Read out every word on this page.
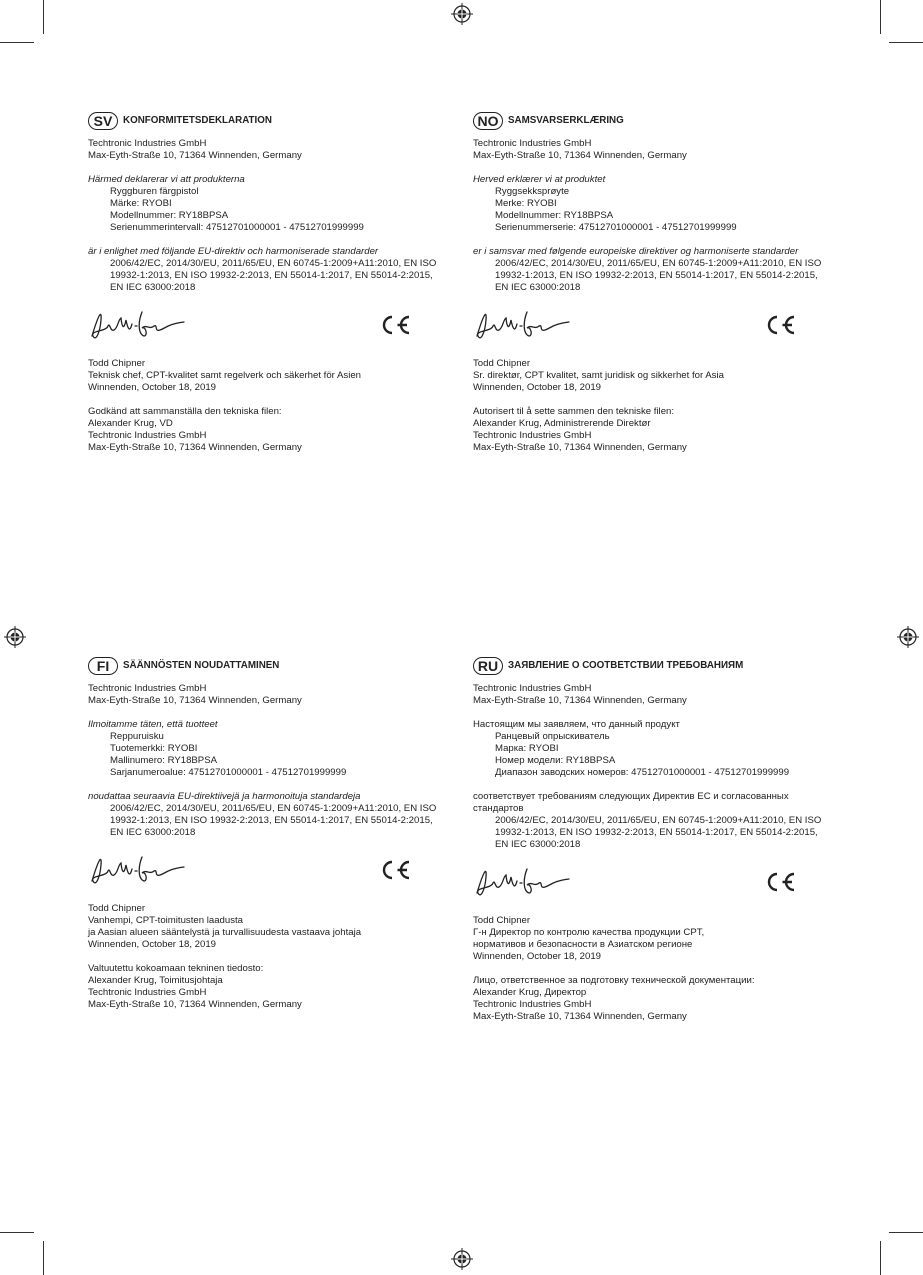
SV	KONFORMITETSDEKLARATION

Techtronic Industries GmbH

Max-Eyth-Straße 10, 71364 Winnenden, Germany

Härmed deklarerar vi att produkterna

Ryggburen färgpistol

Märke: RYOBI

Modellnummer: RY18BPSA

Serienummerintervall: 47512701000001 - 47512701999999

är i enlighet med följande EU-direktiv och harmoniserade standarder

2006/42/EC, 2014/30/EU, 2011/65/EU, EN 60745-1:2009+A11:2010, EN ISO

19932-1:2013, EN ISO 19932-2:2013, EN 55014-1:2017, EN 55014-2:2015,

EN IEC 63000:2018

Todd Chipner

Teknisk chef, CPT-kvalitet samt regelverk och säkerhet för Asien

Winnenden, October 18, 2019

Godkänd att sammanställa den tekniska filen:

Alexander Krug, VD

Techtronic Industries GmbH

Max-Eyth-Straße 10, 71364 Winnenden, Germany

NO SAMSVARSERKLÆRING

Techtronic Industries GmbH

Max-Eyth-Straße 10, 71364 Winnenden, Germany

Herved erklærer vi at produktet

Ryggsekksprøyte

Merke: RYOBI

Modellnummer: RY18BPSA

Serienummerserie: 47512701000001 - 47512701999999

er i samsvar med følgende europeiske direktiver og harmoniserte standarder

2006/42/EC, 2014/30/EU, 2011/65/EU, EN 60745-1:2009+A11:2010, EN ISO

19932-1:2013, EN ISO 19932-2:2013, EN 55014-1:2017, EN 55014-2:2015,

EN IEC 63000:2018

Todd Chipner

Sr. direktør, CPT kvalitet, samt juridisk og sikkerhet for Asia

Winnenden, October 18, 2019

Autorisert til å sette sammen den tekniske filen:

Alexander Krug, Administrerende Direktør

Techtronic Industries GmbH

Max-Eyth-Straße 10, 71364 Winnenden, Germany

FI	SÄÄNNÖSTEN NOUDATTAMINEN

Techtronic Industries GmbH

Max-Eyth-Straße 10, 71364 Winnenden, Germany

Ilmoitamme täten, että tuotteet

Reppuruisku

Tuotemerkki: RYOBI

Mallinumero: RY18BPSA

Sarjanumeroalue: 47512701000001 - 47512701999999

noudattaa seuraavia EU-direktiivejä ja harmonoituja standardeja

2006/42/EC, 2014/30/EU, 2011/65/EU, EN 60745-1:2009+A11:2010, EN ISO

19932-1:2013, EN ISO 19932-2:2013, EN 55014-1:2017, EN 55014-2:2015,

EN IEC 63000:2018

Todd Chipner

Vanhempi, CPT-toimitusten laadusta

ja Aasian alueen sääntelystä ja turvallisuudesta vastaava johtaja

Winnenden, October 18, 2019

Valtuutettu kokoamaan tekninen tiedosto:

Alexander Krug, Toimitusjohtaja

Techtronic Industries GmbH

Max-Eyth-Straße 10, 71364 Winnenden, Germany

RU	ЗАЯВЛЕНИЕ О СООТВЕТСТВИИ ТРЕБОВАНИЯМ

Techtronic Industries GmbH

Max-Eyth-Straße 10, 71364 Winnenden, Germany

Настоящим мы заявляем, что данный продукт

Ранцевый опрыскиватель

Марка: RYOBI

Номер модели: RY18BPSA

Диапазон заводских номеров: 47512701000001 - 47512701999999

соответствует требованиям следующих Директив ЕС и согласованных

стандартов

2006/42/EC, 2014/30/EU, 2011/65/EU, EN 60745-1:2009+A11:2010, EN ISO

19932-1:2013, EN ISO 19932-2:2013, EN 55014-1:2017, EN 55014-2:2015,

EN IEC 63000:2018

Todd Chipner

Г-н Директор по контролю качества продукции CPT,

нормативов и безопасности в Азиатском регионе

Winnenden, October 18, 2019

Лицо, ответственное за подготовку технической документации:

Alexander Krug, Директор

Techtronic Industries GmbH

Max-Eyth-Straße 10, 71364 Winnenden, Germany
